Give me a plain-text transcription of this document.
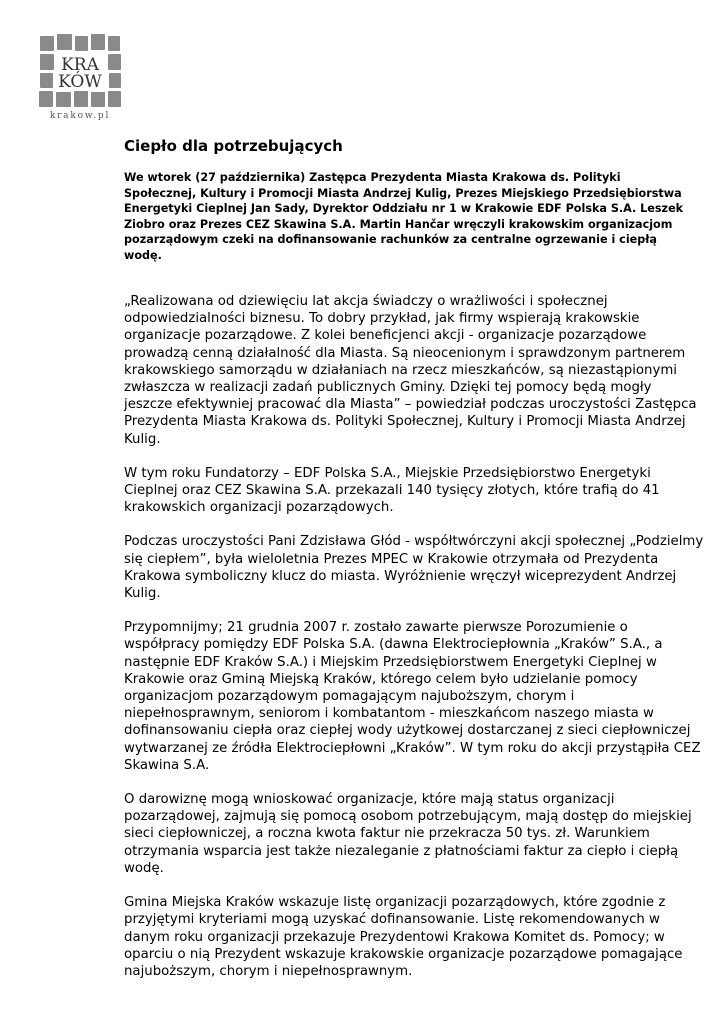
KRA
KÓW
krakow.pl
Ciepło dla potrzebujących

We wtorek (27 października) Zastępca Prezydenta Miasta Krakowa ds. Polityki Społecznej, Kultury i Promocji Miasta Andrzej Kulig, Prezes Miejskiego Przedsiębiorstwa Energetyki Cieplnej Jan Sady, Dyrektor Oddziału nr 1 w Krakowie EDF Polska S.A. Leszek Ziobro oraz Prezes CEZ Skawina S.A. Martin Hančar wręczyli krakowskim organizacjom pozarządowym czeki na dofinansowanie rachunków za centralne ogrzewanie i ciepłą wodę.

„Realizowana od dziewięciu lat akcja świadczy o wrażliwości i społecznej odpowiedzialności biznesu. To dobry przykład, jak firmy wspierają krakowskie organizacje pozarządowe. Z kolei beneficjenci akcji - organizacje pozarządowe prowadzą cenną działalność dla Miasta. Są nieocenionym i sprawdzonym partnerem krakowskiego samorządu w działaniach na rzecz mieszkańców, są niezastąpionymi zwłaszcza w realizacji zadań publicznych Gminy. Dzięki tej pomocy będą mogły jeszcze efektywniej pracować dla Miasta” – powiedział podczas uroczystości Zastępca Prezydenta Miasta Krakowa ds. Polityki Społecznej, Kultury i Promocji Miasta Andrzej Kulig.

W tym roku Fundatorzy – EDF Polska S.A., Miejskie Przedsiębiorstwo Energetyki Cieplnej oraz CEZ Skawina S.A. przekazali 140 tysięcy złotych, które trafią do 41 krakowskich organizacji pozarządowych.

Podczas uroczystości Pani Zdzisława Głód - współtwórczyni akcji społecznej „Podzielmy się ciepłem”, była wieloletnia Prezes MPEC w Krakowie otrzymała od Prezydenta Krakowa symboliczny klucz do miasta. Wyróżnienie wręczył wiceprezydent Andrzej Kulig.

Przypomnijmy; 21 grudnia 2007 r. zostało zawarte pierwsze Porozumienie o współpracy pomiędzy EDF Polska S.A. (dawna Elektrociepłownia „Kraków” S.A., a następnie EDF Kraków S.A.) i Miejskim Przedsiębiorstwem Energetyki Cieplnej w Krakowie oraz Gminą Miejską Kraków, którego celem było udzielanie pomocy organizacjom pozarządowym pomagającym najuboższym, chorym i niepełnosprawnym, seniorom i kombatantom - mieszkańcom naszego miasta w dofinansowaniu ciepła oraz ciepłej wody użytkowej dostarczanej z sieci ciepłowniczej wytwarzanej ze źródła Elektrociepłowni „Kraków”. W tym roku do akcji przystąpiła CEZ Skawina S.A.

O darowiznę mogą wnioskować organizacje, które mają status organizacji pozarządowej, zajmują się pomocą osobom potrzebującym, mają dostęp do miejskiej sieci ciepłowniczej, a roczna kwota faktur nie przekracza 50 tys. zł. Warunkiem otrzymania wsparcia jest także niezaleganie z płatnościami faktur za ciepło i ciepłą wodę.

Gmina Miejska Kraków wskazuje listę organizacji pozarządowych, które zgodnie z przyjętymi kryteriami mogą uzyskać dofinansowanie. Listę rekomendowanych w danym roku organizacji przekazuje Prezydentowi Krakowa Komitet ds. Pomocy; w oparciu o nią Prezydent wskazuje krakowskie organizacje pozarządowe pomagające najuboższym, chorym i niepełnosprawnym.
